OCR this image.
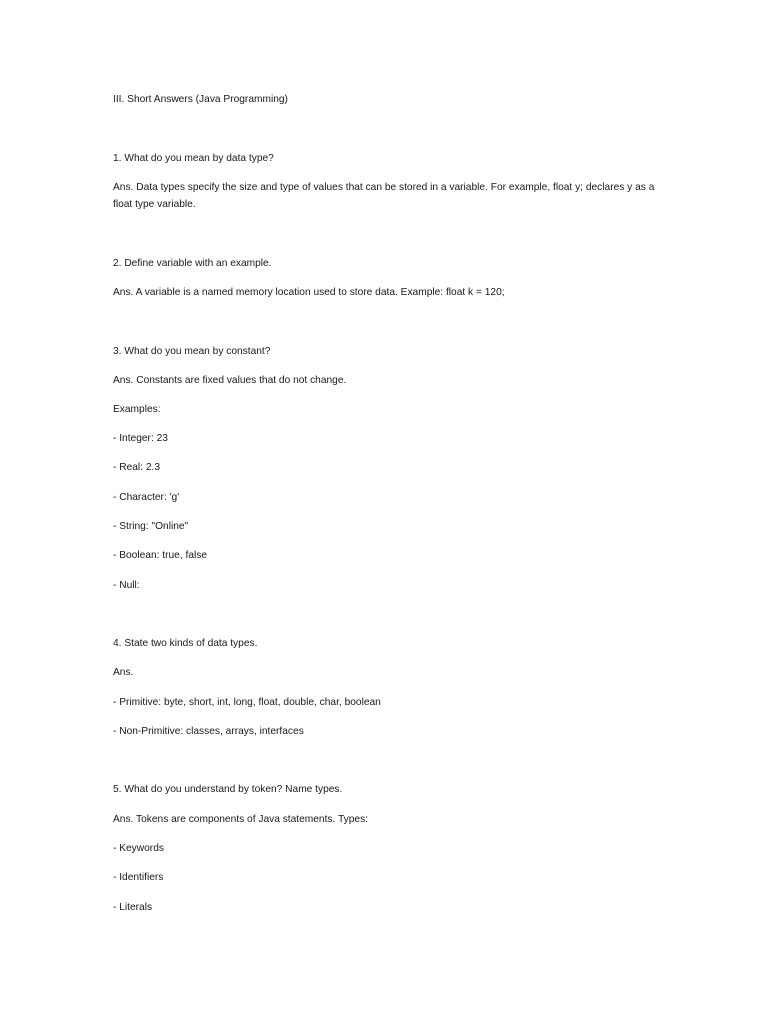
III. Short Answers (Java Programming)

1. What do you mean by data type?

Ans. Data types specify the size and type of values that can be stored in a variable. For example, float y; declares y as a float type variable.

2. Define variable with an example.

Ans. A variable is a named memory location used to store data. Example: float k = 120;

3. What do you mean by constant?

Ans. Constants are fixed values that do not change.

Examples:

- Integer: 23

- Real: 2.3

- Character: 'g'

- String: "Online"

- Boolean: true, false

- Null:

4. State two kinds of data types.

Ans.

- Primitive: byte, short, int, long, float, double, char, boolean

- Non-Primitive: classes, arrays, interfaces

5. What do you understand by token? Name types.

Ans. Tokens are components of Java statements. Types:

- Keywords

- Identifiers

- Literals
